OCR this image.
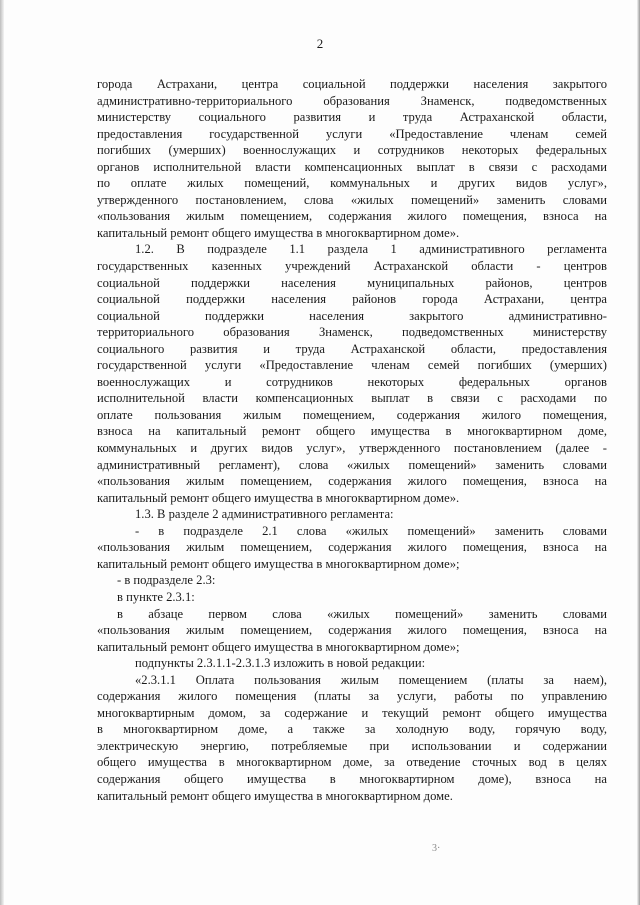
2
города Астрахани, центра социальной поддержки населения закрытого
административно-территориального образования Знаменск, подведомственных
министерству социального развития и труда Астраханской области,
предоставления государственной услуги «Предоставление членам семей
погибших (умерших) военнослужащих и сотрудников некоторых федеральных
органов исполнительной власти компенсационных выплат в связи с расходами
по оплате жилых помещений, коммунальных и других видов услуг»,
утвержденного постановлением, слова «жилых помещений» заменить словами
«пользования жилым помещением, содержания жилого помещения, взноса на
капитальный ремонт общего имущества в многоквартирном доме».
1.2. В подразделе 1.1 раздела 1 административного регламента
государственных казенных учреждений Астраханской области - центров
социальной поддержки населения муниципальных районов, центров
социальной поддержки населения районов города Астрахани, центра
социальной поддержки населения закрытого административно-
территориального образования Знаменск, подведомственных министерству
социального развития и труда Астраханской области, предоставления
государственной услуги «Предоставление членам семей погибших (умерших)
военнослужащих и сотрудников некоторых федеральных органов
исполнительной власти компенсационных выплат в связи с расходами по
оплате пользования жилым помещением, содержания жилого помещения,
взноса на капитальный ремонт общего имущества в многоквартирном доме,
коммунальных и других видов услуг», утвержденного постановлением (далее -
административный регламент), слова «жилых помещений» заменить словами
«пользования жилым помещением, содержания жилого помещения, взноса на
капитальный ремонт общего имущества в многоквартирном доме».
1.3. В разделе 2 административного регламента:
- в подразделе 2.1 слова «жилых помещений» заменить словами
«пользования жилым помещением, содержания жилого помещения, взноса на
капитальный ремонт общего имущества в многоквартирном доме»;
- в подразделе 2.3:
в пункте 2.3.1:
в абзаце первом слова «жилых помещений» заменить словами
«пользования жилым помещением, содержания жилого помещения, взноса на
капитальный ремонт общего имущества в многоквартирном доме»;
подпункты 2.3.1.1-2.3.1.3 изложить в новой редакции:
«2.3.1.1 Оплата пользования жилым помещением (платы за наем),
содержания жилого помещения (платы за услуги, работы по управлению
многоквартирным домом, за содержание и текущий ремонт общего имущества
в многоквартирном доме, а также за холодную воду, горячую воду,
электрическую энергию, потребляемые при использовании и содержании
общего имущества в многоквартирном доме, за отведение сточных вод в целях
содержания общего имущества в многоквартирном доме), взноса на
капитальный ремонт общего имущества в многоквартирном доме.
3·
